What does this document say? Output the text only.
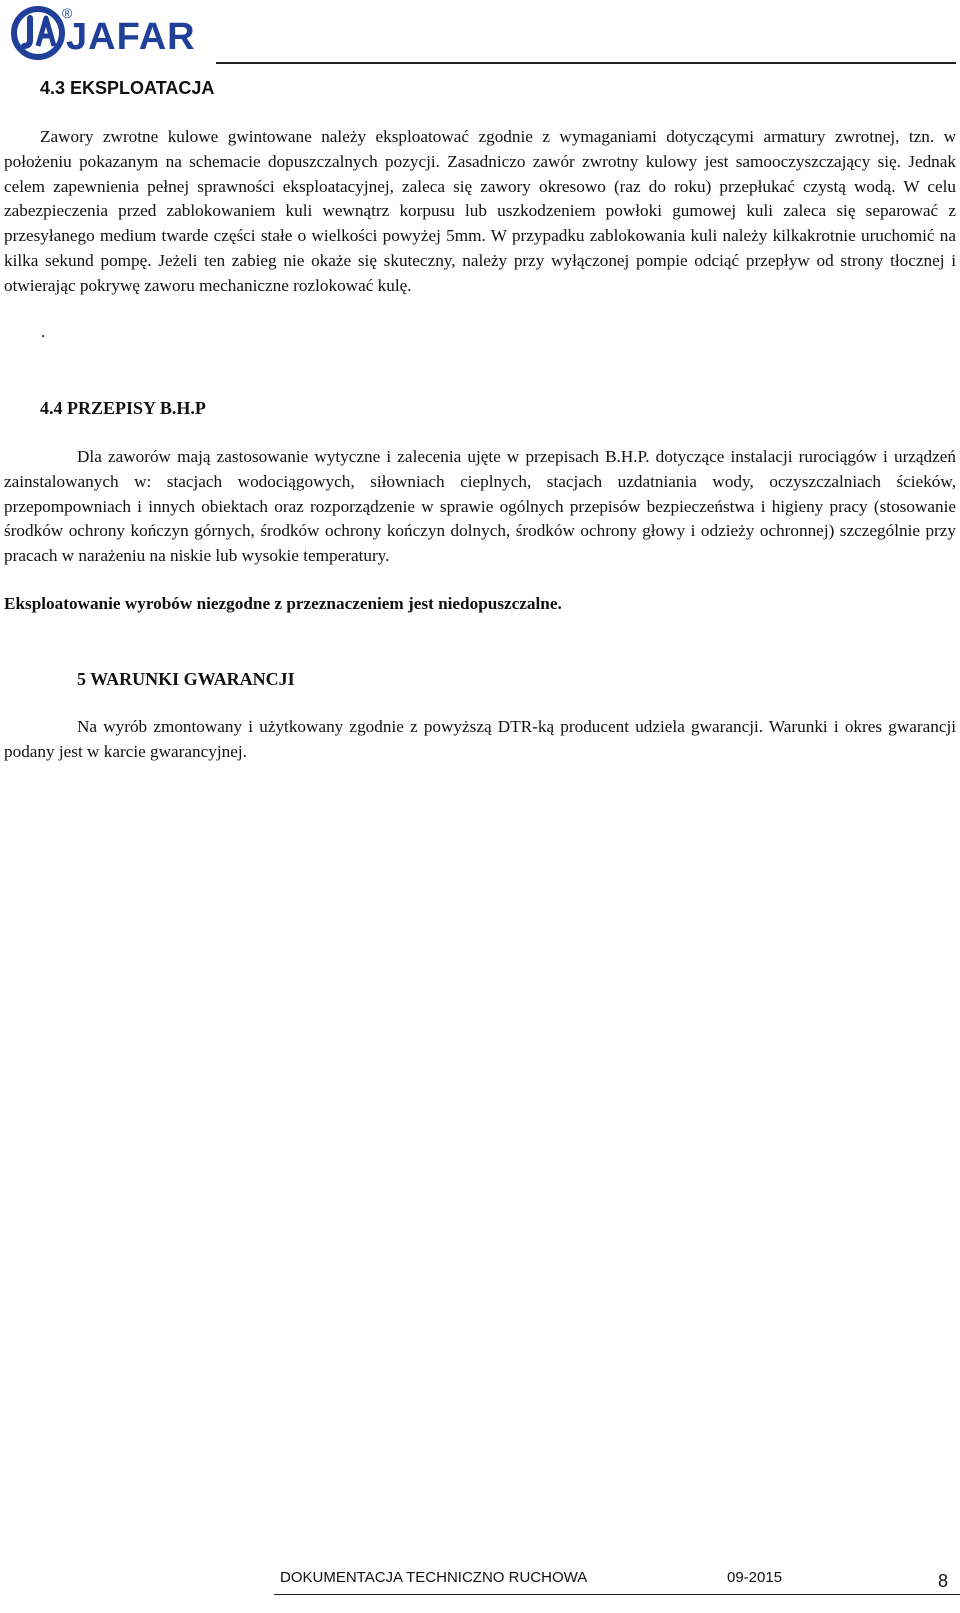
JAFAR
®
4.3 EKSPLOATACJA

Zawory zwrotne kulowe gwintowane należy eksploatować zgodnie z wymaganiami dotyczącymi armatury zwrotnej, tzn. w położeniu pokazanym na schemacie dopuszczalnych pozycji. Zasadniczo zawór zwrotny kulowy jest samooczyszczający się. Jednak celem zapewnienia pełnej sprawności eksploatacyjnej, zaleca się zawory okresowo (raz do roku) przepłukać czystą wodą. W celu zabezpieczenia przed zablokowaniem kuli wewnątrz korpusu lub uszkodzeniem powłoki gumowej kuli zaleca się separować z przesyłanego medium twarde części stałe o wielkości powyżej 5mm. W przypadku zablokowania kuli należy kilkakrotnie uruchomić na kilka sekund pompę. Jeżeli ten zabieg nie okaże się skuteczny, należy przy wyłączonej pompie odciąć przepływ od strony tłocznej i otwierając pokrywę zaworu mechaniczne rozlokować kulę.

.
4.4 PRZEPISY B.H.P

Dla zaworów mają zastosowanie wytyczne i zalecenia ujęte w przepisach B.H.P. dotyczące instalacji rurociągów i urządzeń zainstalowanych w: stacjach wodociągowych, siłowniach cieplnych, stacjach uzdatniania wody, oczyszczalniach ścieków, przepompowniach i innych obiektach oraz rozporządzenie w sprawie ogólnych przepisów bezpieczeństwa i higieny pracy (stosowanie środków ochrony kończyn górnych, środków ochrony kończyn dolnych, środków ochrony głowy i odzieży ochronnej) szczególnie przy pracach w narażeniu na niskie lub wysokie temperatury.

Eksploatowanie wyrobów niezgodne z przeznaczeniem jest niedopuszczalne.
5 WARUNKI GWARANCJI

Na wyrób zmontowany i użytkowany zgodnie z powyższą DTR-ką producent udziela gwarancji. Warunki i okres gwarancji podany jest w karcie gwarancyjnej.

DOKUMENTACJA TECHNICZNO RUCHOWA	09-2015	8
